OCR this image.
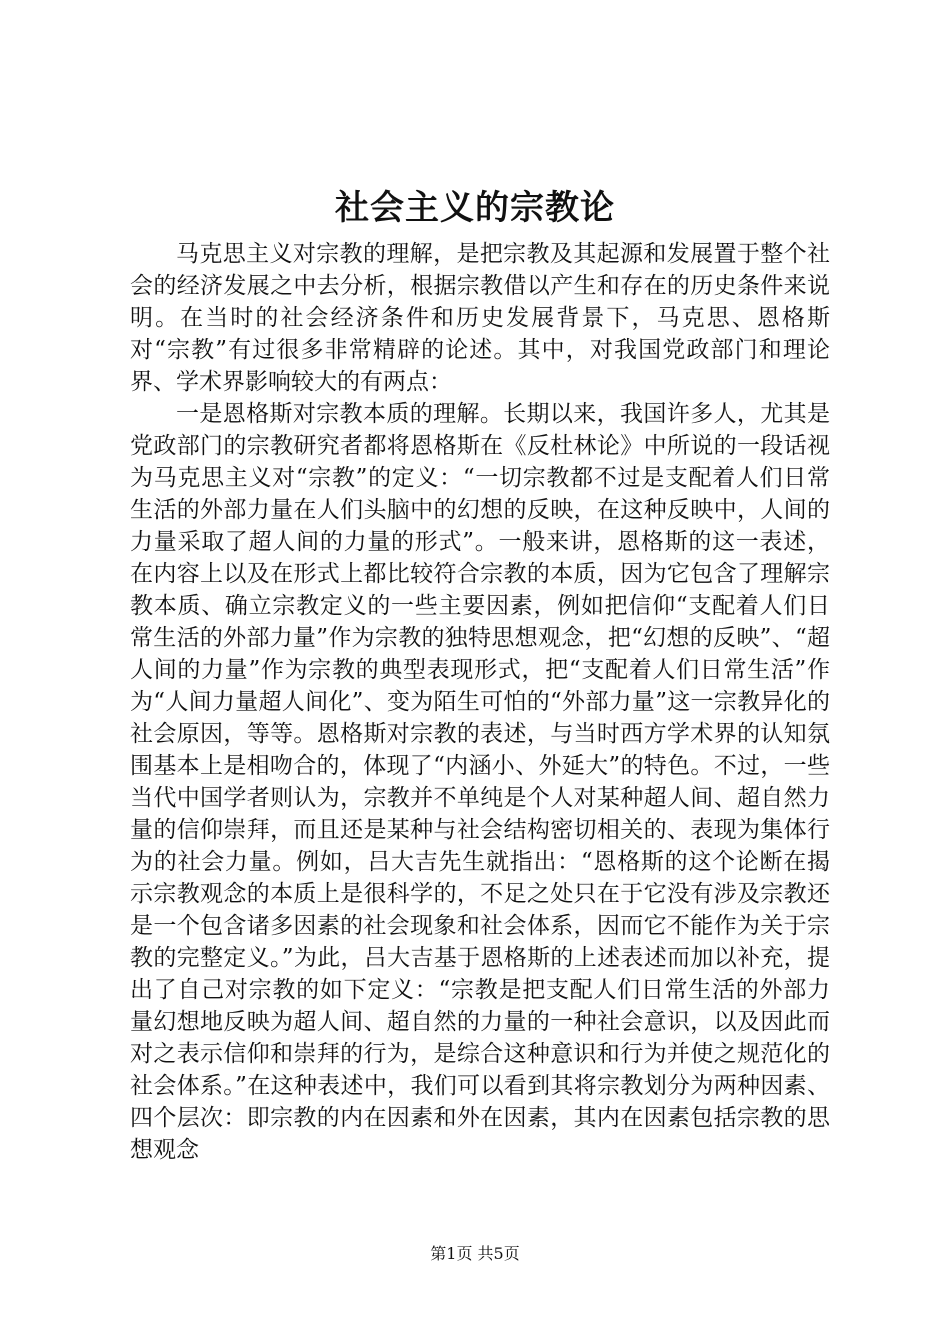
社会主义的宗教论

马克思主义对宗教的理解，是把宗教及其起源和发展置于整个社会的经济发展之中去分析，根据宗教借以产生和存在的历史条件来说明。在当时的社会经济条件和历史发展背景下，马克思、恩格斯对“宗教”有过很多非常精辟的论述。其中，对我国党政部门和理论界、学术界影响较大的有两点：

一是恩格斯对宗教本质的理解。长期以来，我国许多人，尤其是党政部门的宗教研究者都将恩格斯在《反杜林论》中所说的一段话视为马克思主义对“宗教”的定义：“一切宗教都不过是支配着人们日常生活的外部力量在人们头脑中的幻想的反映，在这种反映中，人间的力量采取了超人间的力量的形式”。一般来讲，恩格斯的这一表述，在内容上以及在形式上都比较符合宗教的本质，因为它包含了理解宗教本质、确立宗教定义的一些主要因素，例如把信仰“支配着人们日常生活的外部力量”作为宗教的独特思想观念，把“幻想的反映”、“超人间的力量”作为宗教的典型表现形式，把“支配着人们日常生活”作为“人间力量超人间化”、变为陌生可怕的“外部力量”这一宗教异化的社会原因，等等。恩格斯对宗教的表述，与当时西方学术界的认知氛围基本上是相吻合的，体现了“内涵小、外延大”的特色。不过，一些当代中国学者则认为，宗教并不单纯是个人对某种超人间、超自然力量的信仰崇拜，而且还是某种与社会结构密切相关的、表现为集体行为的社会力量。例如，吕大吉先生就指出：“恩格斯的这个论断在揭示宗教观念的本质上是很科学的，不足之处只在于它没有涉及宗教还是一个包含诸多因素的社会现象和社会体系，因而它不能作为关于宗教的完整定义。”为此，吕大吉基于恩格斯的上述表述而加以补充，提出了自己对宗教的如下定义：“宗教是把支配人们日常生活的外部力量幻想地反映为超人间、超自然的力量的一种社会意识，以及因此而对之表示信仰和崇拜的行为，是综合这种意识和行为并使之规范化的社会体系。”在这种表述中，我们可以看到其将宗教划分为两种因素、四个层次：即宗教的内在因素和外在因素，其内在因素包括宗教的思想观念

第1页 共5页
